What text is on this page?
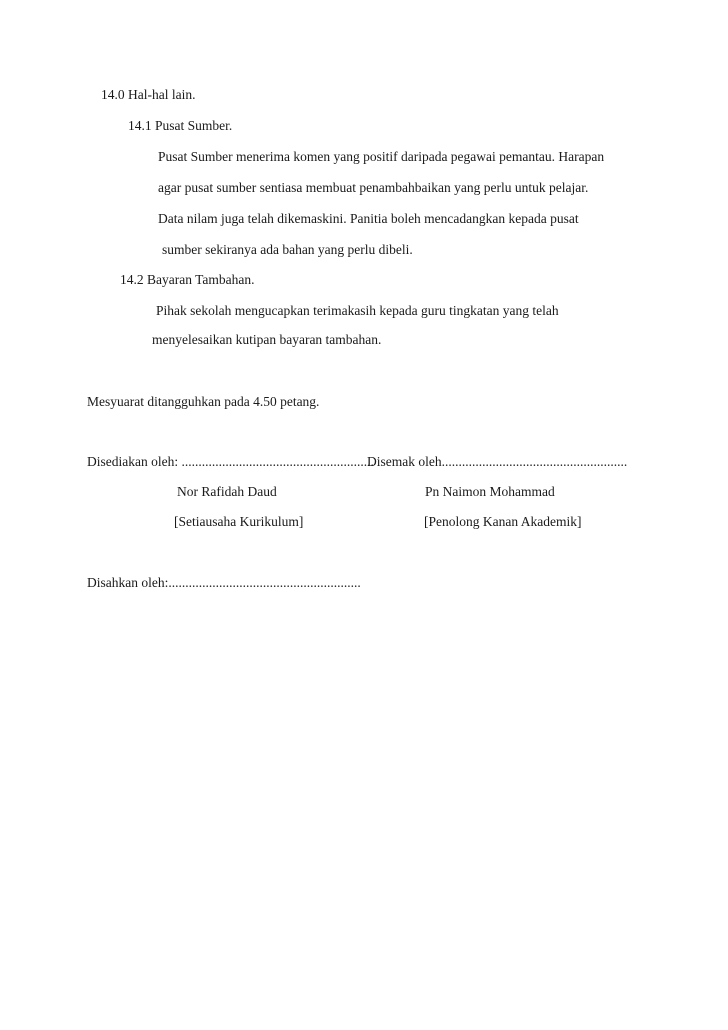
14.0 Hal-hal lain.
14.1 Pusat Sumber.
Pusat Sumber menerima komen yang positif daripada pegawai pemantau. Harapan
agar pusat sumber sentiasa membuat penambahbaikan yang perlu untuk pelajar.
Data nilam juga telah dikemaskini. Panitia boleh mencadangkan kepada pusat
sumber sekiranya ada bahan yang perlu dibeli.
14.2 Bayaran Tambahan.
Pihak sekolah mengucapkan terimakasih kepada guru tingkatan yang telah
menyelesaikan kutipan bayaran tambahan.
Mesyuarat ditangguhkan pada 4.50 petang.
Disediakan oleh: .........................................................
Disemak oleh.......................................................
Nor Rafidah Daud	Pn Naimon Mohammad
[Setiausaha Kurikulum]	[Penolong Kanan Akademik]
Disahkan oleh:.........................................................
